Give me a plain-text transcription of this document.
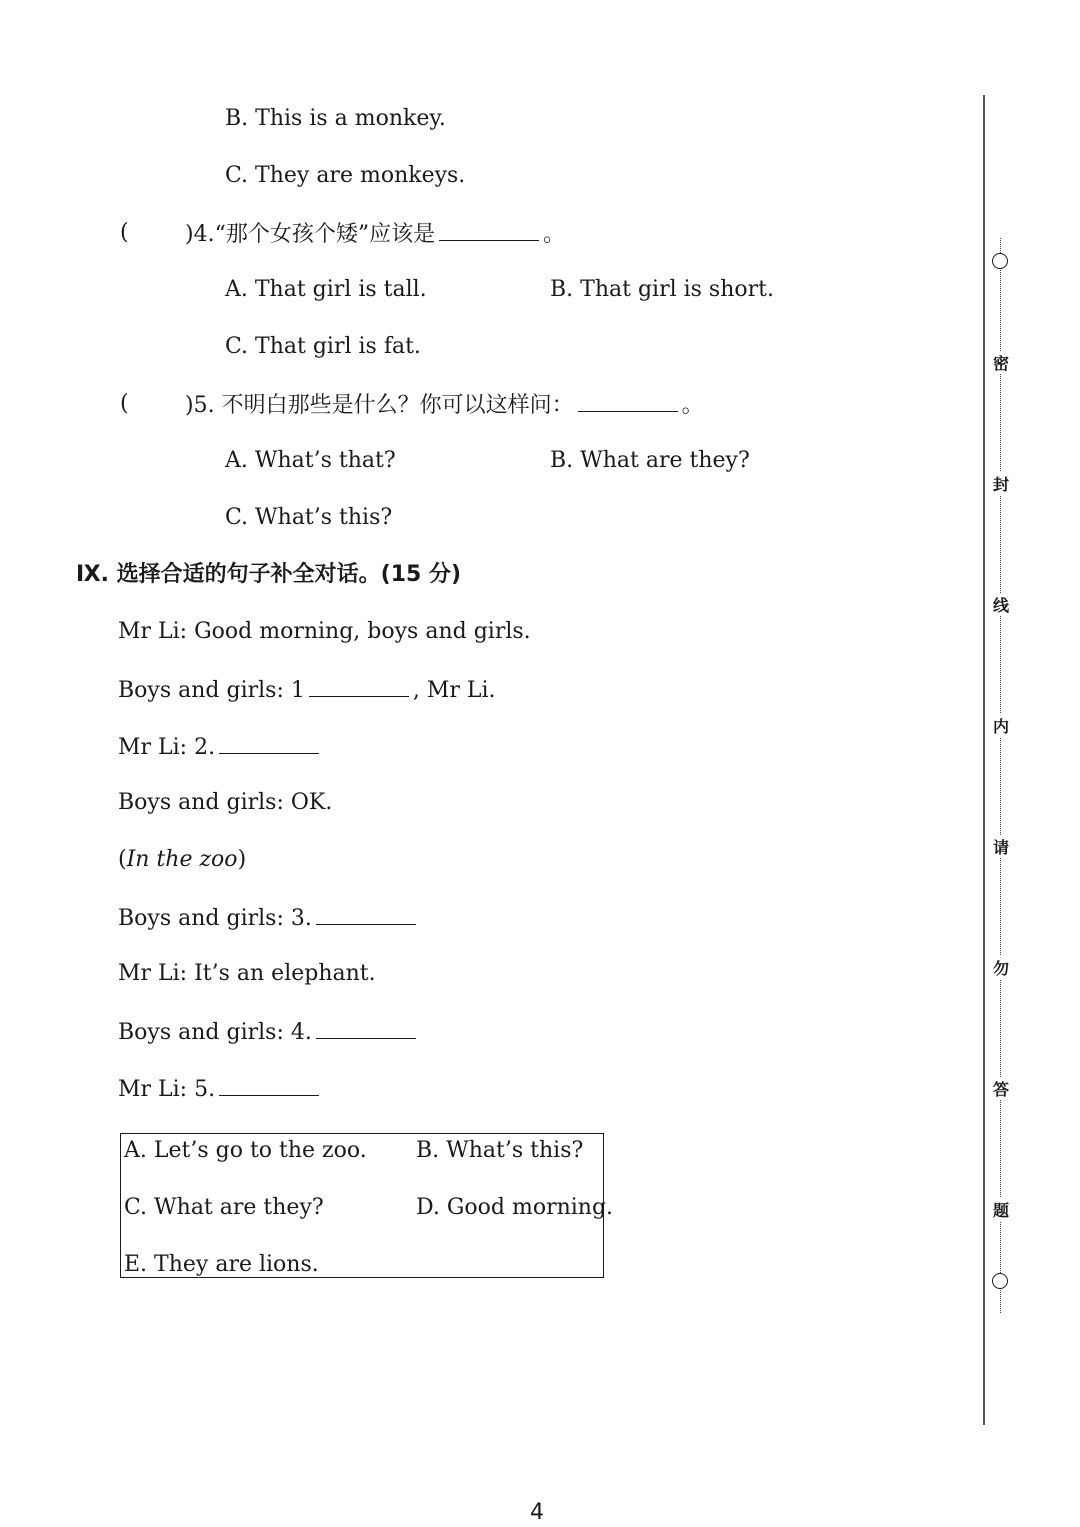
B. This is a monkey.
C. They are monkeys.
(	)4.“那个女孩个矮”应该是	。
A. That girl is tall.	B. That girl is short.
C. That girl is fat.
(	)5. 不明白那些是什么？你可以这样问：	。
A. What’s that?	B. What are they?
C. What’s this?
Ⅸ. 选择合适的句子补全对话。(15 分)
Mr Li: Good morning, boys and girls.
Boys and girls: 1	, Mr Li.
Mr Li: 2.
Boys and girls: OK.
(In the zoo)
Boys and girls: 3.
Mr Li: It’s an elephant.
Boys and girls: 4.
Mr Li: 5.
A. Let’s go to the zoo. B. What’s this?
C. What are they?	D. Good morning.
E. They are lions.
密
封
线
内
请
勿
答
题
4
